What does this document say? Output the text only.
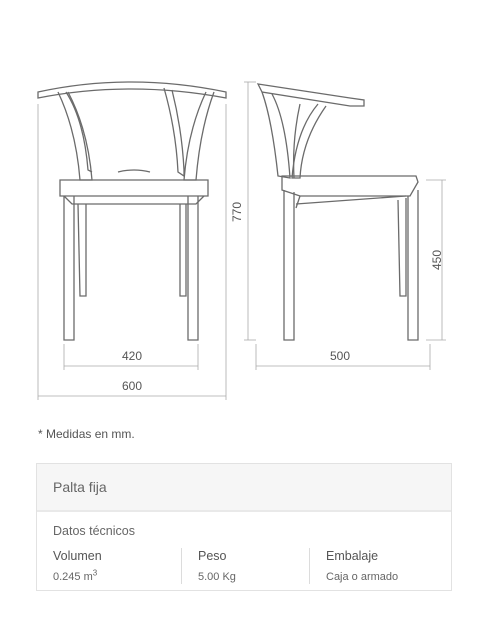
420
600
770
500
450
* Medidas en mm.
Palta fija
Datos técnicos
Volumen
0.245 $m^3$
Peso
5.00 Kg
Embalaje
Caja o armado
